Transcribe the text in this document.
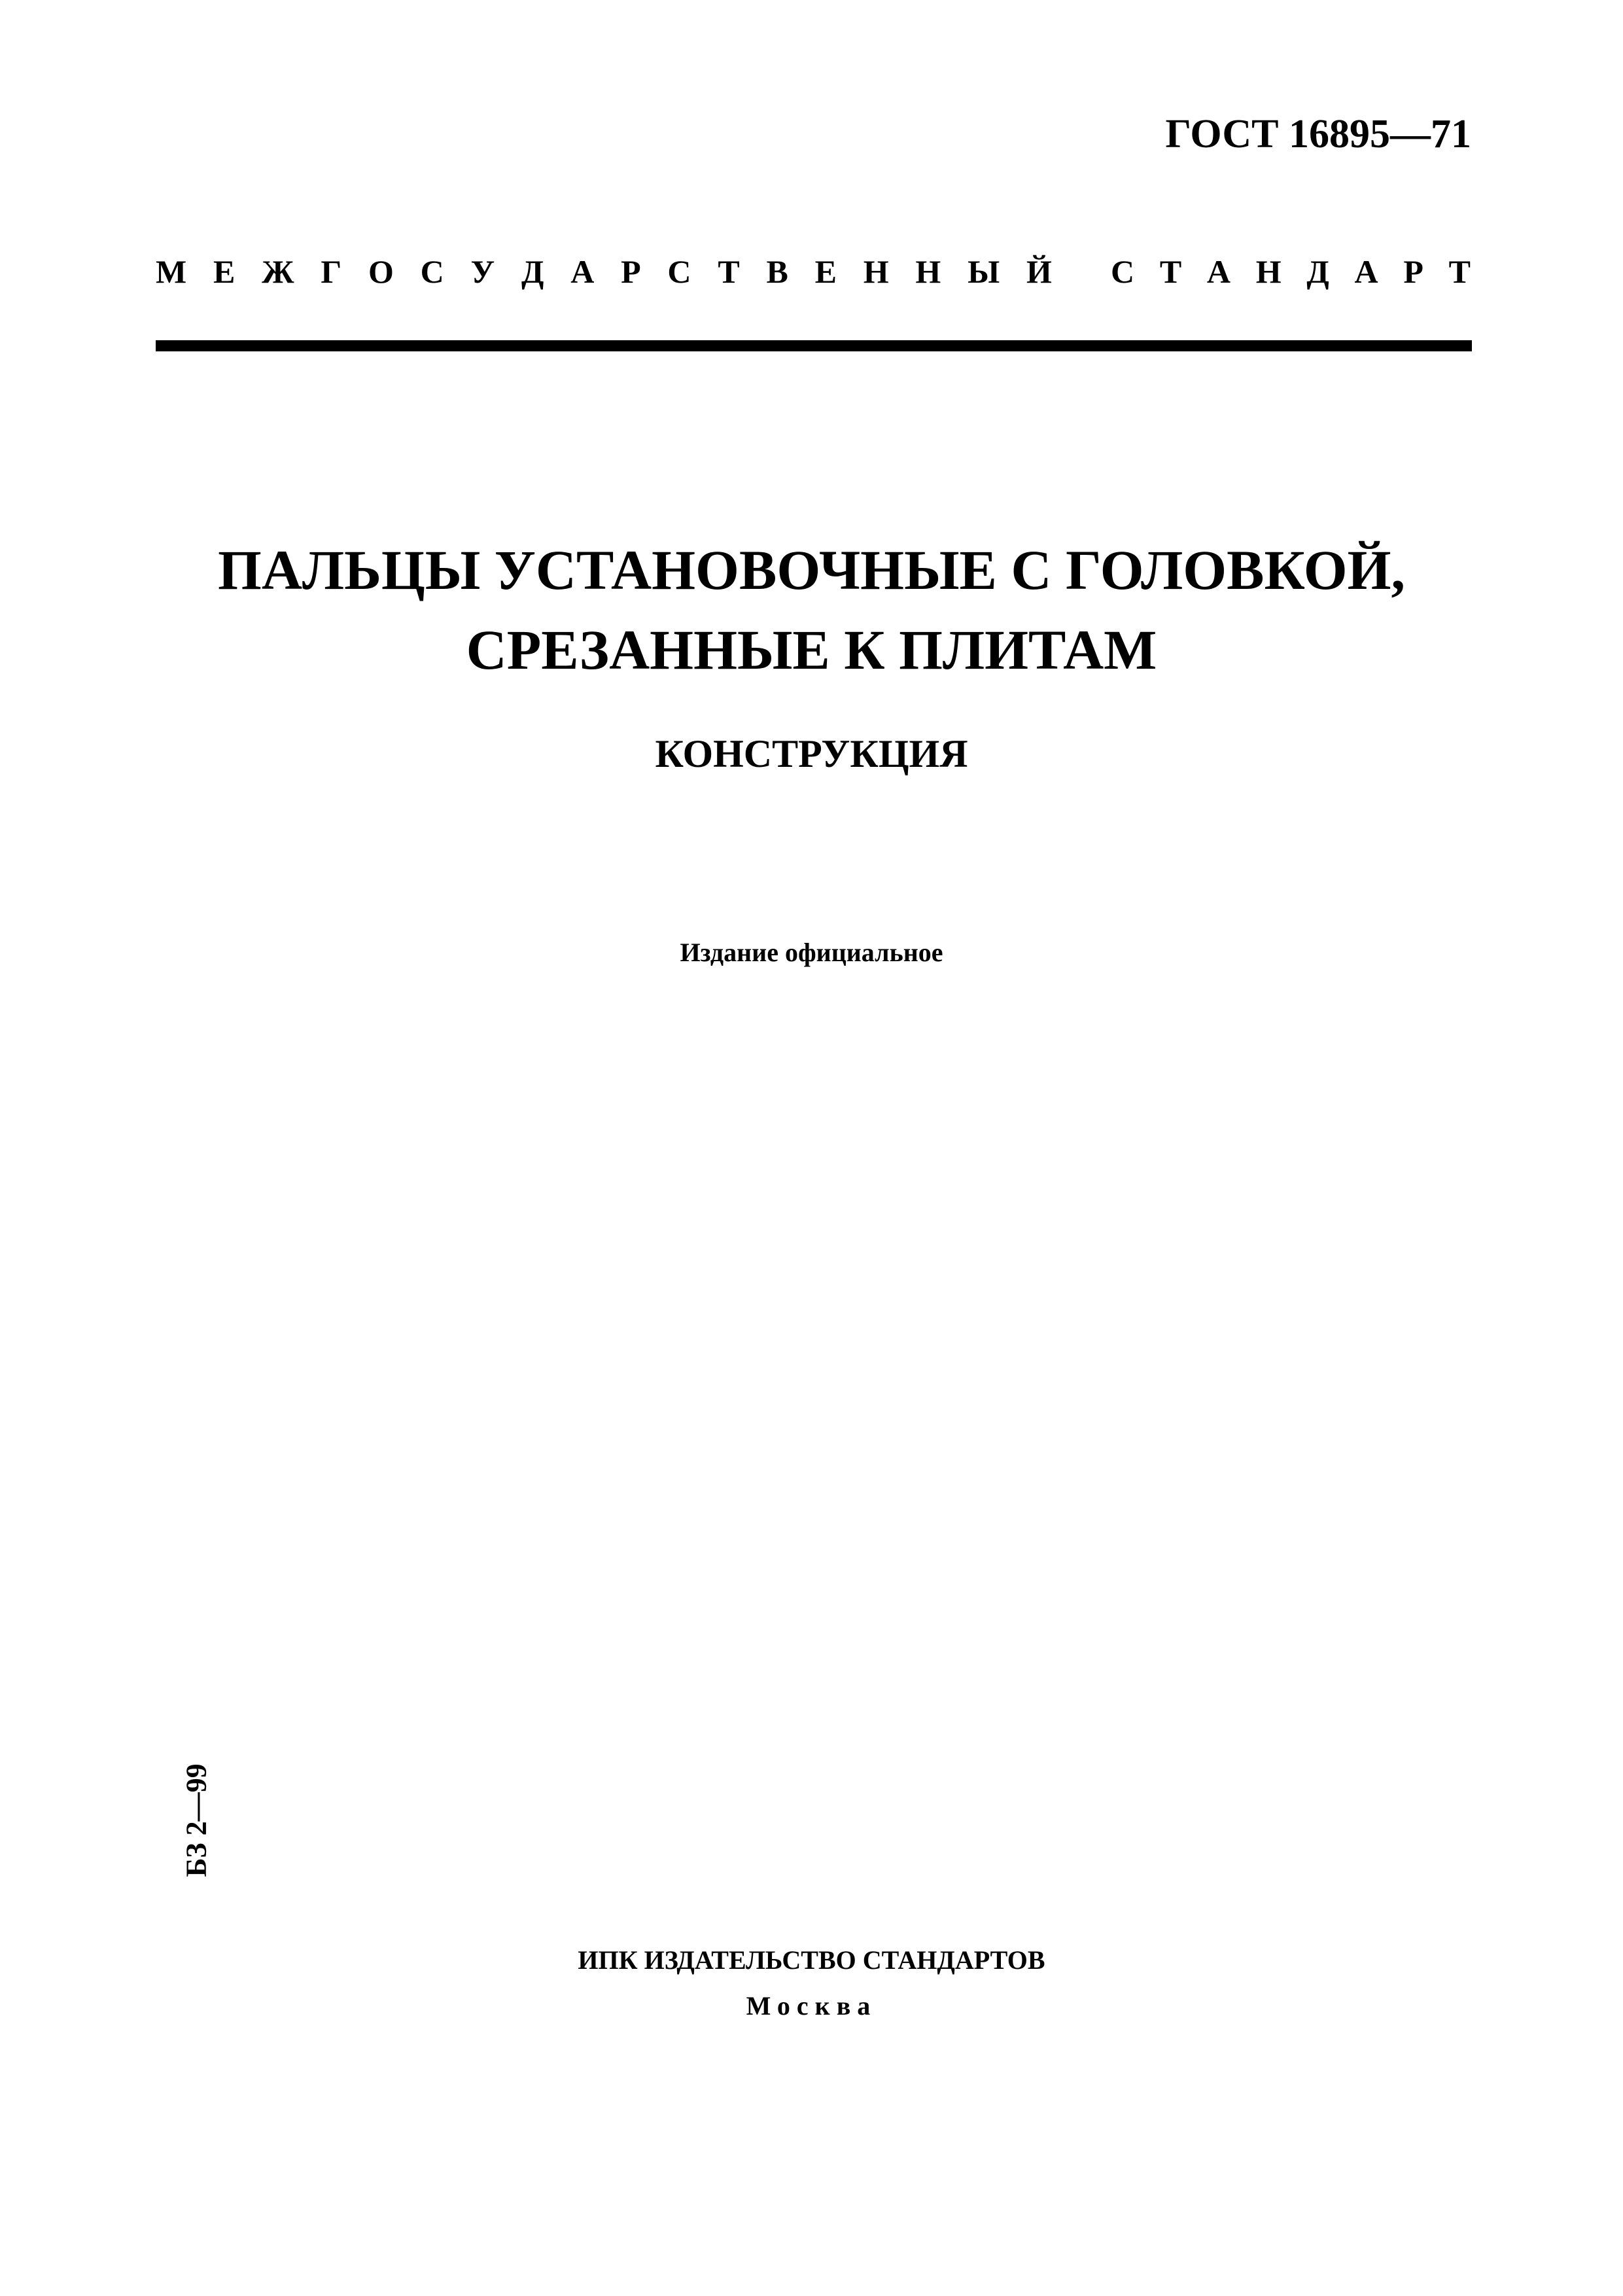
ГОСТ 16895—71
М Е Ж Г О С У Д А Р С Т В Е Н Н Ы Й С Т А Н Д А Р Т
ПАЛЬЦЫ УСТАНОВОЧНЫЕ С ГОЛОВКОЙ,
СРЕЗАННЫЕ К ПЛИТАМ
КОНСТРУКЦИЯ
Издание официальное
БЗ 2—99
ИПК ИЗДАТЕЛЬСТВО СТАНДАРТОВ
Москва
